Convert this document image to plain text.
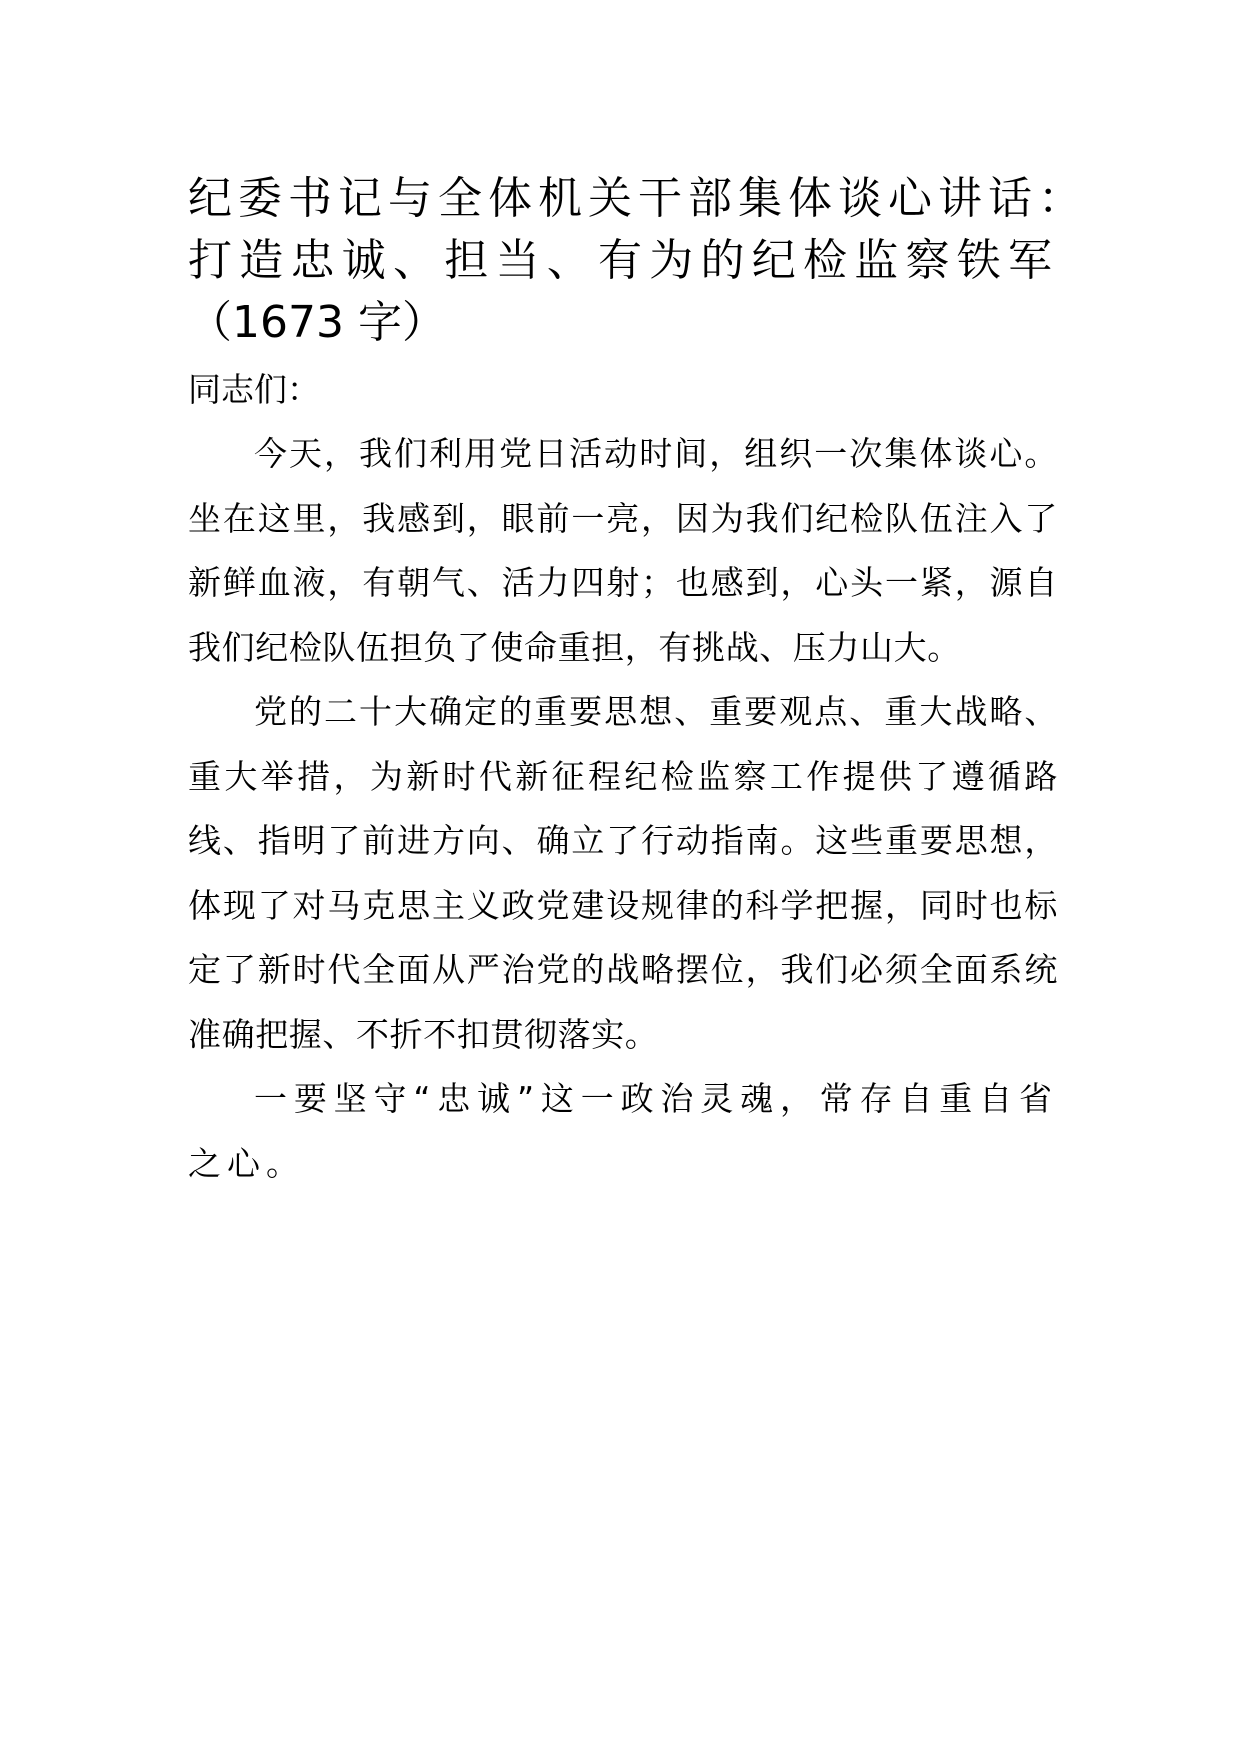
纪委书记与全体机关干部集体谈心讲话：
打造忠诚、担当、有为的纪检监察铁军
（1673 字）

同志们：

今天，我们利用党日活动时间，组织一次集体谈心。坐在这里，我感到，眼前一亮，因为我们纪检队伍注入了新鲜血液，有朝气、活力四射；也感到，心头一紧，源自我们纪检队伍担负了使命重担，有挑战、压力山大。

党的二十大确定的重要思想、重要观点、重大战略、重大举措，为新时代新征程纪检监察工作提供了遵循路线、指明了前进方向、确立了行动指南。这些重要思想，体现了对马克思主义政党建设规律的科学把握，同时也标定了新时代全面从严治党的战略摆位，我们必须全面系统准确把握、不折不扣贯彻落实。

一要坚守“忠诚”这一政治灵魂，常存自重自省之心。
